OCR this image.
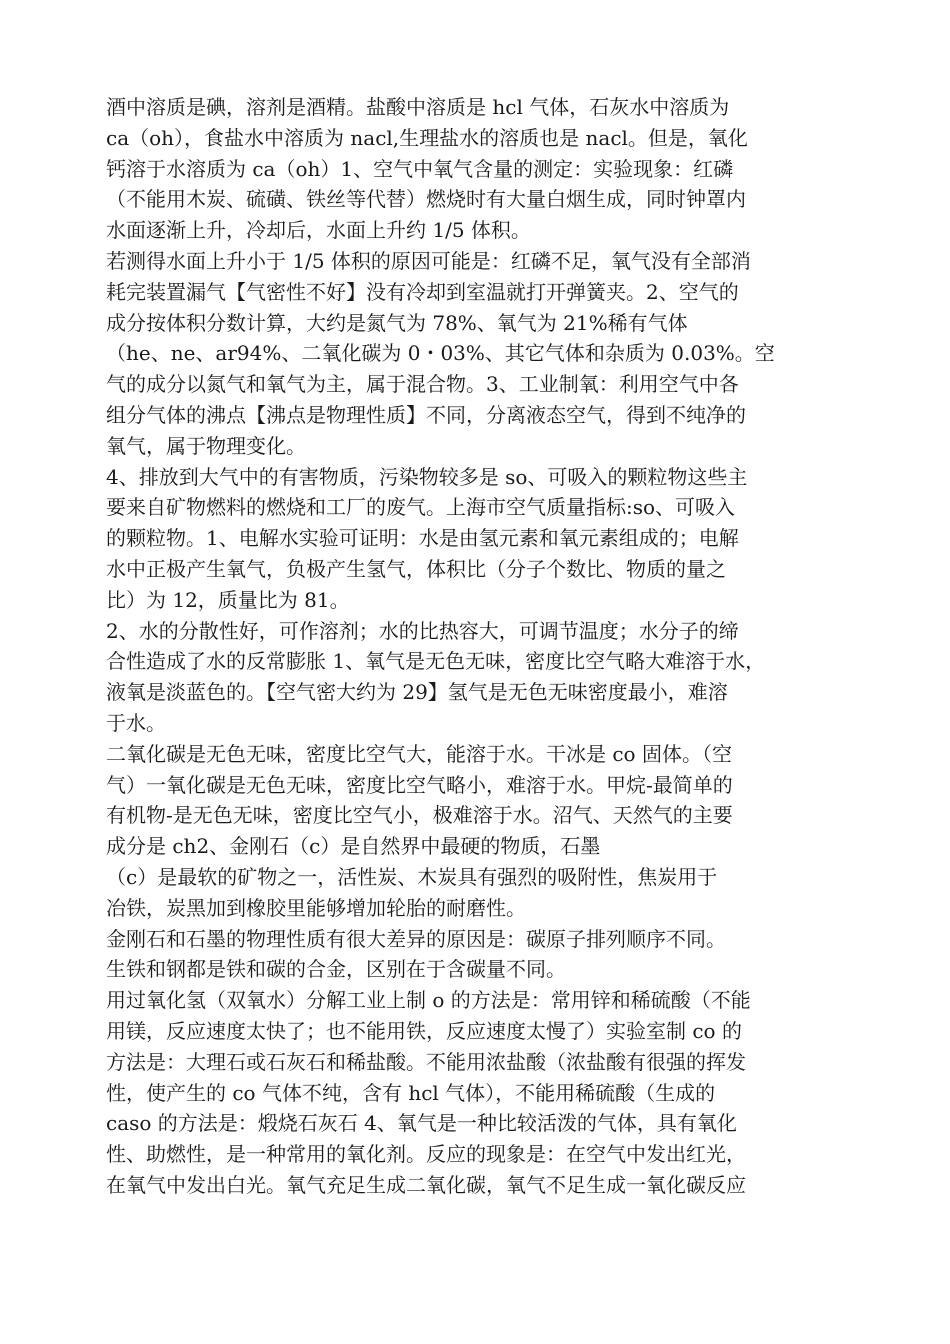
酒中溶质是碘，溶剂是酒精。盐酸中溶质是 hcl 气体，石灰水中溶质为
ca（oh），食盐水中溶质为 nacl,生理盐水的溶质也是 nacl。但是，氧化
钙溶于水溶质为 ca（oh）1、空气中氧气含量的测定：实验现象：红磷
（不能用木炭、硫磺、铁丝等代替）燃烧时有大量白烟生成，同时钟罩内
水面逐渐上升，冷却后，水面上升约 1/5 体积。
若测得水面上升小于 1/5 体积的原因可能是：红磷不足，氧气没有全部消
耗完装置漏气【气密性不好】没有冷却到室温就打开弹簧夹。2、空气的
成分按体积分数计算，大约是氮气为 78%、氧气为 21%稀有气体
（he、ne、ar94%、二氧化碳为 0・03%、其它气体和杂质为 0.03%。空
气的成分以氮气和氧气为主，属于混合物。3、工业制氧：利用空气中各
组分气体的沸点【沸点是物理性质】不同，分离液态空气，得到不纯净的
氧气，属于物理变化。
4、排放到大气中的有害物质，污染物较多是 so、可吸入的颗粒物这些主
要来自矿物燃料的燃烧和工厂的废气。上海市空气质量指标:so、可吸入
的颗粒物。1、电解水实验可证明：水是由氢元素和氧元素组成的；电解
水中正极产生氧气，负极产生氢气，体积比（分子个数比、物质的量之
比）为 12，质量比为 81。
2、水的分散性好，可作溶剂；水的比热容大，可调节温度；水分子的缔
合性造成了水的反常膨胀 1、氧气是无色无味，密度比空气略大难溶于水，
液氧是淡蓝色的。【空气密大约为 29】氢气是无色无味密度最小，难溶
于水。
二氧化碳是无色无味，密度比空气大，能溶于水。干冰是 co 固体。（空
气）一氧化碳是无色无味，密度比空气略小，难溶于水。甲烷-最简单的
有机物-是无色无味，密度比空气小，极难溶于水。沼气、天然气的主要
成分是 ch2、金刚石（c）是自然界中最硬的物质，石墨
（c）是最软的矿物之一，活性炭、木炭具有强烈的吸附性，焦炭用于
冶铁，炭黑加到橡胶里能够增加轮胎的耐磨性。
金刚石和石墨的物理性质有很大差异的原因是：碳原子排列顺序不同。
生铁和钢都是铁和碳的合金，区别在于含碳量不同。
用过氧化氢（双氧水）分解工业上制 o 的方法是：常用锌和稀硫酸（不能
用镁，反应速度太快了；也不能用铁，反应速度太慢了）实验室制 co 的
方法是：大理石或石灰石和稀盐酸。不能用浓盐酸（浓盐酸有很强的挥发
性，使产生的 co 气体不纯，含有 hcl 气体），不能用稀硫酸（生成的
caso 的方法是：煅烧石灰石 4、氧气是一种比较活泼的气体，具有氧化
性、助燃性，是一种常用的氧化剂。反应的现象是：在空气中发出红光，
在氧气中发出白光。氧气充足生成二氧化碳，氧气不足生成一氧化碳反应
